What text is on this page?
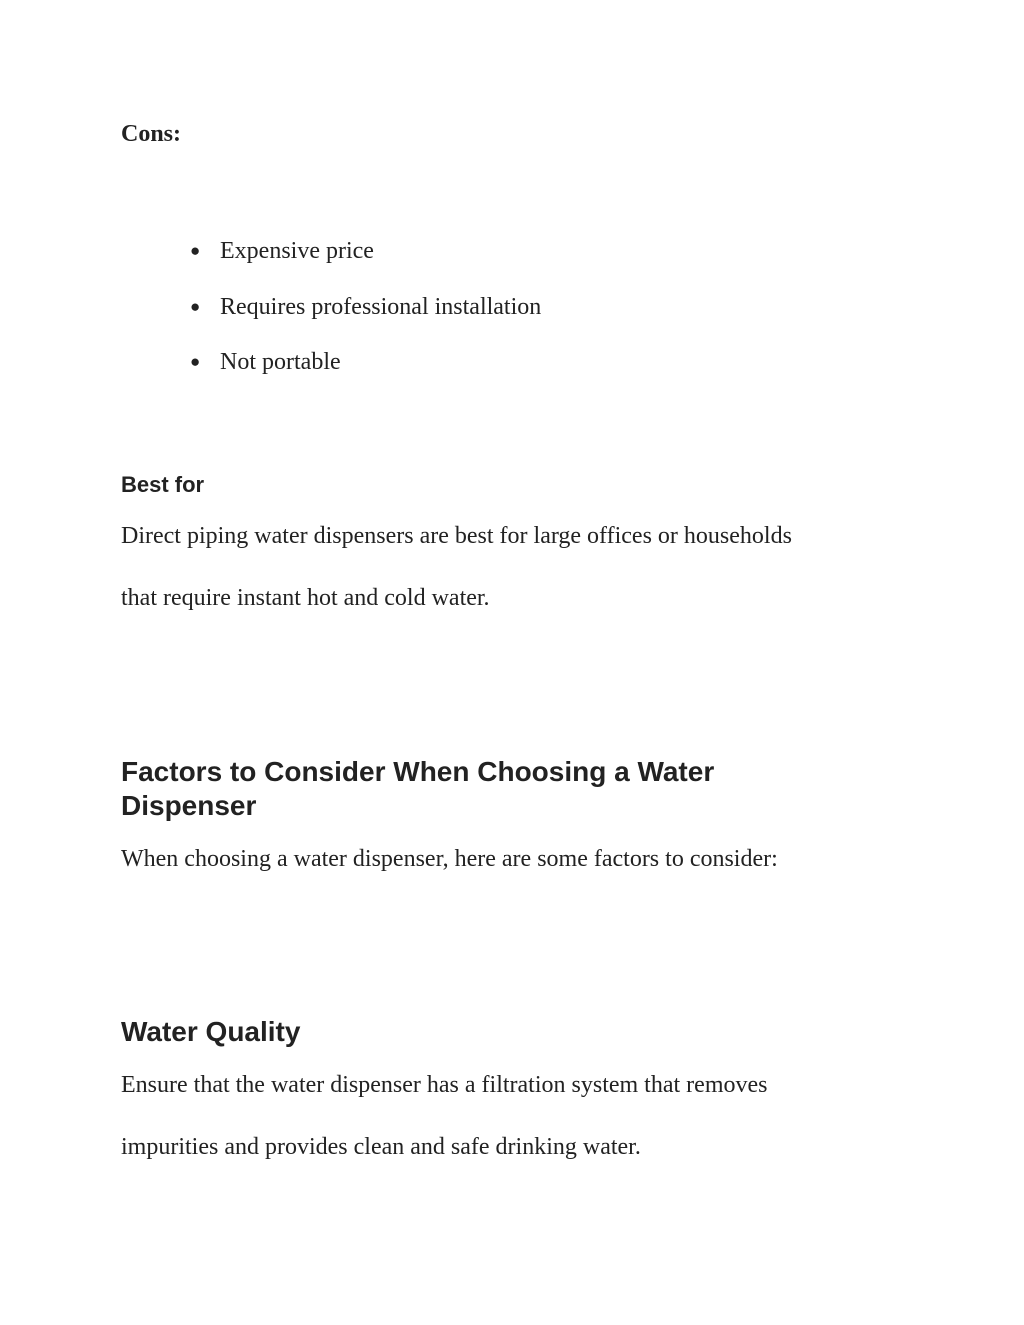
Cons:

● Expensive price
● Requires professional installation
● Not portable
Best for

Direct piping water dispensers are best for large offices or households

that require instant hot and cold water.

Factors to Consider When Choosing a Water
Dispenser

When choosing a water dispenser, here are some factors to consider:

Water Quality

Ensure that the water dispenser has a filtration system that removes

impurities and provides clean and safe drinking water.
